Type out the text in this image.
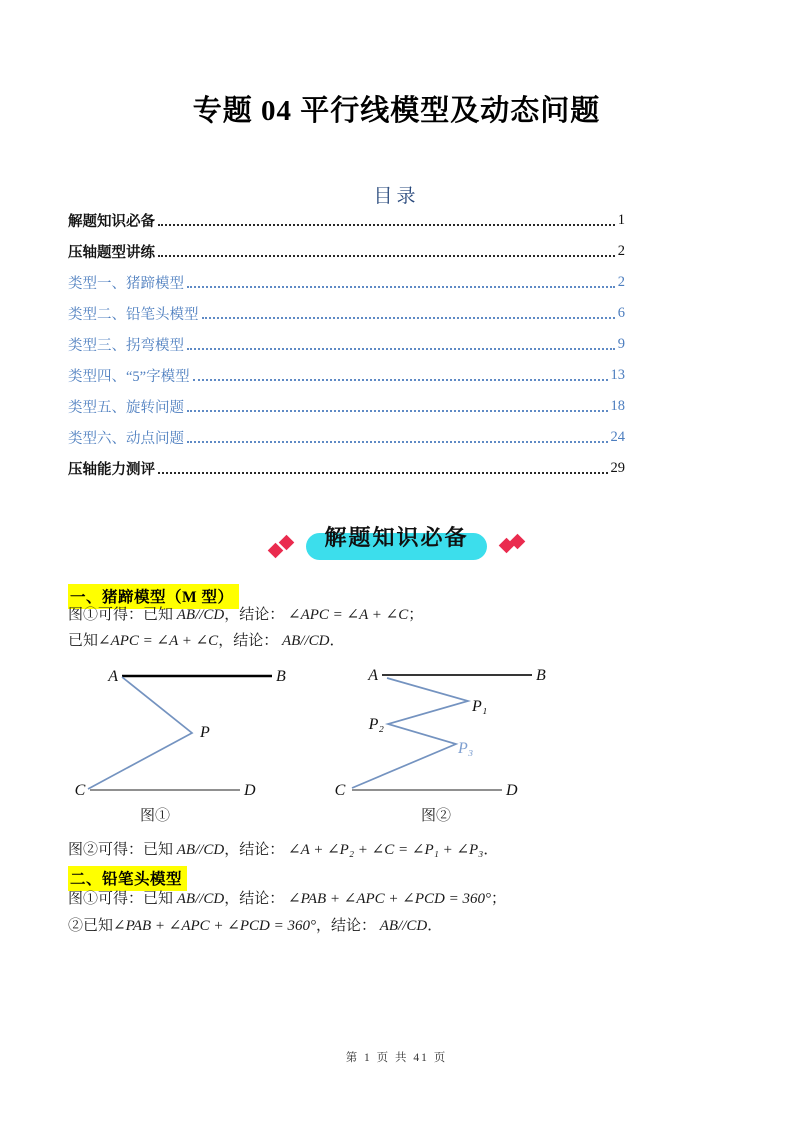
专题 04 平行线模型及动态问题
目录
解题知识必备	1
压轴题型讲练	2
类型一、猪蹄模型	2
类型二、铅笔头模型	6
类型三、拐弯模型	9
类型四、“5”字模型	13
类型五、旋转问题	18
类型六、动点问题	24
压轴能力测评	29
解题知识必备
一、猪蹄模型（M 型）
图①可得：已知 AB//CD，结论： ∠APC = ∠A + ∠C；
已知∠APC = ∠A + ∠C，结论： AB//CD．
A	B
P
C	D
图①
A	B
P₁
P₂
P₃
C	D
图②
图②可得：已知 AB//CD，结论： ∠A + ∠P₂ + ∠C = ∠P₁ + ∠P₃．
二、铅笔头模型
图①可得：已知 AB//CD，结论： ∠PAB + ∠APC + ∠PCD = 360°；
②已知∠PAB + ∠APC + ∠PCD = 360°，结论： AB//CD．
第 1 页 共 41 页
